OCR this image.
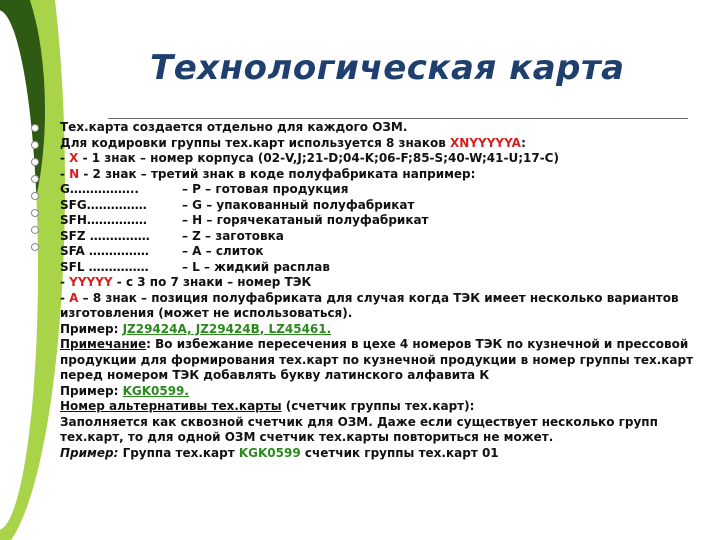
Технологическая карта
Тех.карта создается отдельно для каждого ОЗМ.
Для кодировки группы тех.карт используется 8 знаков XNYYYYYA:
- X - 1 знак – номер корпуса (02-V,J;21-D;04-K;06-F;85-S;40-W;41-U;17-C)
- N - 2 знак – третий знак в коде полуфабриката например:
G……………..	– P – готовая продукция
SFG……………	– G – упакованный полуфабрикат
SFH……………	– H – горячекатаный полуфабрикат
SFZ ……………	– Z – заготовка
SFA ……………	– A – слиток
SFL ……………	– L – жидкий расплав
- YYYYY - с 3 по 7 знаки – номер ТЭК
- A – 8 знак – позиция полуфабриката для случая когда ТЭК имеет несколько вариантов изготовления (может не использоваться).
Пример: JZ29424A, JZ29424B, LZ45461.
Примечание: Во избежание пересечения в цехе 4 номеров ТЭК по кузнечной и прессовой продукции для формирования тех.карт по кузнечной продукции в номер группы тех.карт перед номером ТЭК добавлять букву латинского алфавита К
Пример: KGK0599.
Номер альтернативы тех.карты (счетчик группы тех.карт):
Заполняется как сквозной счетчик для ОЗМ. Даже если существует несколько групп тех.карт, то для одной ОЗМ счетчик тех.карты повториться не может.
Пример: Группа тех.карт KGK0599 счетчик группы тех.карт 01
